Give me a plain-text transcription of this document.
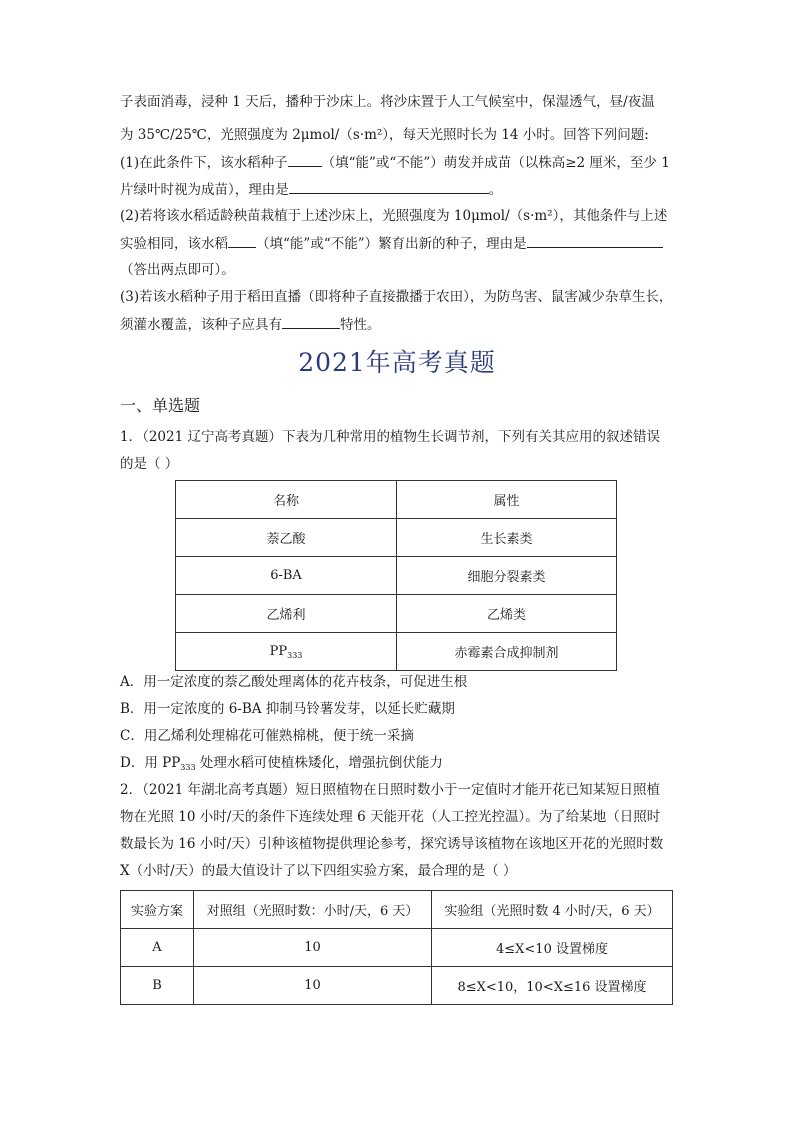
子表面消毒，浸种 1 天后，播种于沙床上。将沙床置于人工气候室中，保湿透气，昼/夜温
为 35℃/25℃，光照强度为 2μmol/（s·m²），每天光照时长为 14 小时。回答下列问题:
(1)在此条件下，该水稻种子	（填“能”或“不能”）萌发并成苗（以株高≥2 厘米，至少 1
片绿叶时视为成苗），理由是	。
(2)若将该水稻适龄秧苗栽植于上述沙床上，光照强度为 10μmol/（s·m²），其他条件与上述
实验相同，该水稻 （填“能”或“不能”）繁育出新的种子，理由是
（答出两点即可）。
(3)若该水稻种子用于稻田直播（即将种子直接撒播于农田），为防鸟害、鼠害减少杂草生长，
须灌水覆盖，该种子应具有	特性。
2021年高考真题
一、单选题
1．（2021 辽宁高考真题）下表为几种常用的植物生长调节剂，下列有关其应用的叙述错误
的是（ ）
名称	属性
萘乙酸	生长素类
6-BA	细胞分裂素类
乙烯利	乙烯类
$PP_{333}$	赤霉素合成抑制剂
A．用一定浓度的萘乙酸处理离体的花卉枝条，可促进生根
B．用一定浓度的 6-BA 抑制马铃薯发芽，以延长贮藏期
C．用乙烯利处理棉花可催熟棉桃，便于统一采摘
D．用 $PP_{333}$ 处理水稻可使植株矮化，增强抗倒伏能力
2．（2021 年湖北高考真题）短日照植物在日照时数小于一定值时才能开花已知某短日照植
物在光照 10 小时/天的条件下连续处理 6 天能开花（人工控光控温）。为了给某地（日照时
数最长为 16 小时/天）引种该植物提供理论参考，探究诱导该植物在该地区开花的光照时数
X（小时/天）的最大值设计了以下四组实验方案，最合理的是（ ）
实验方案	对照组（光照时数：小时/天，6 天）	实验组（光照时数 4 小时/天，6 天）
A	10	4≤X<10 设置梯度
B	10	8≤X<10，10<X≤16 设置梯度
